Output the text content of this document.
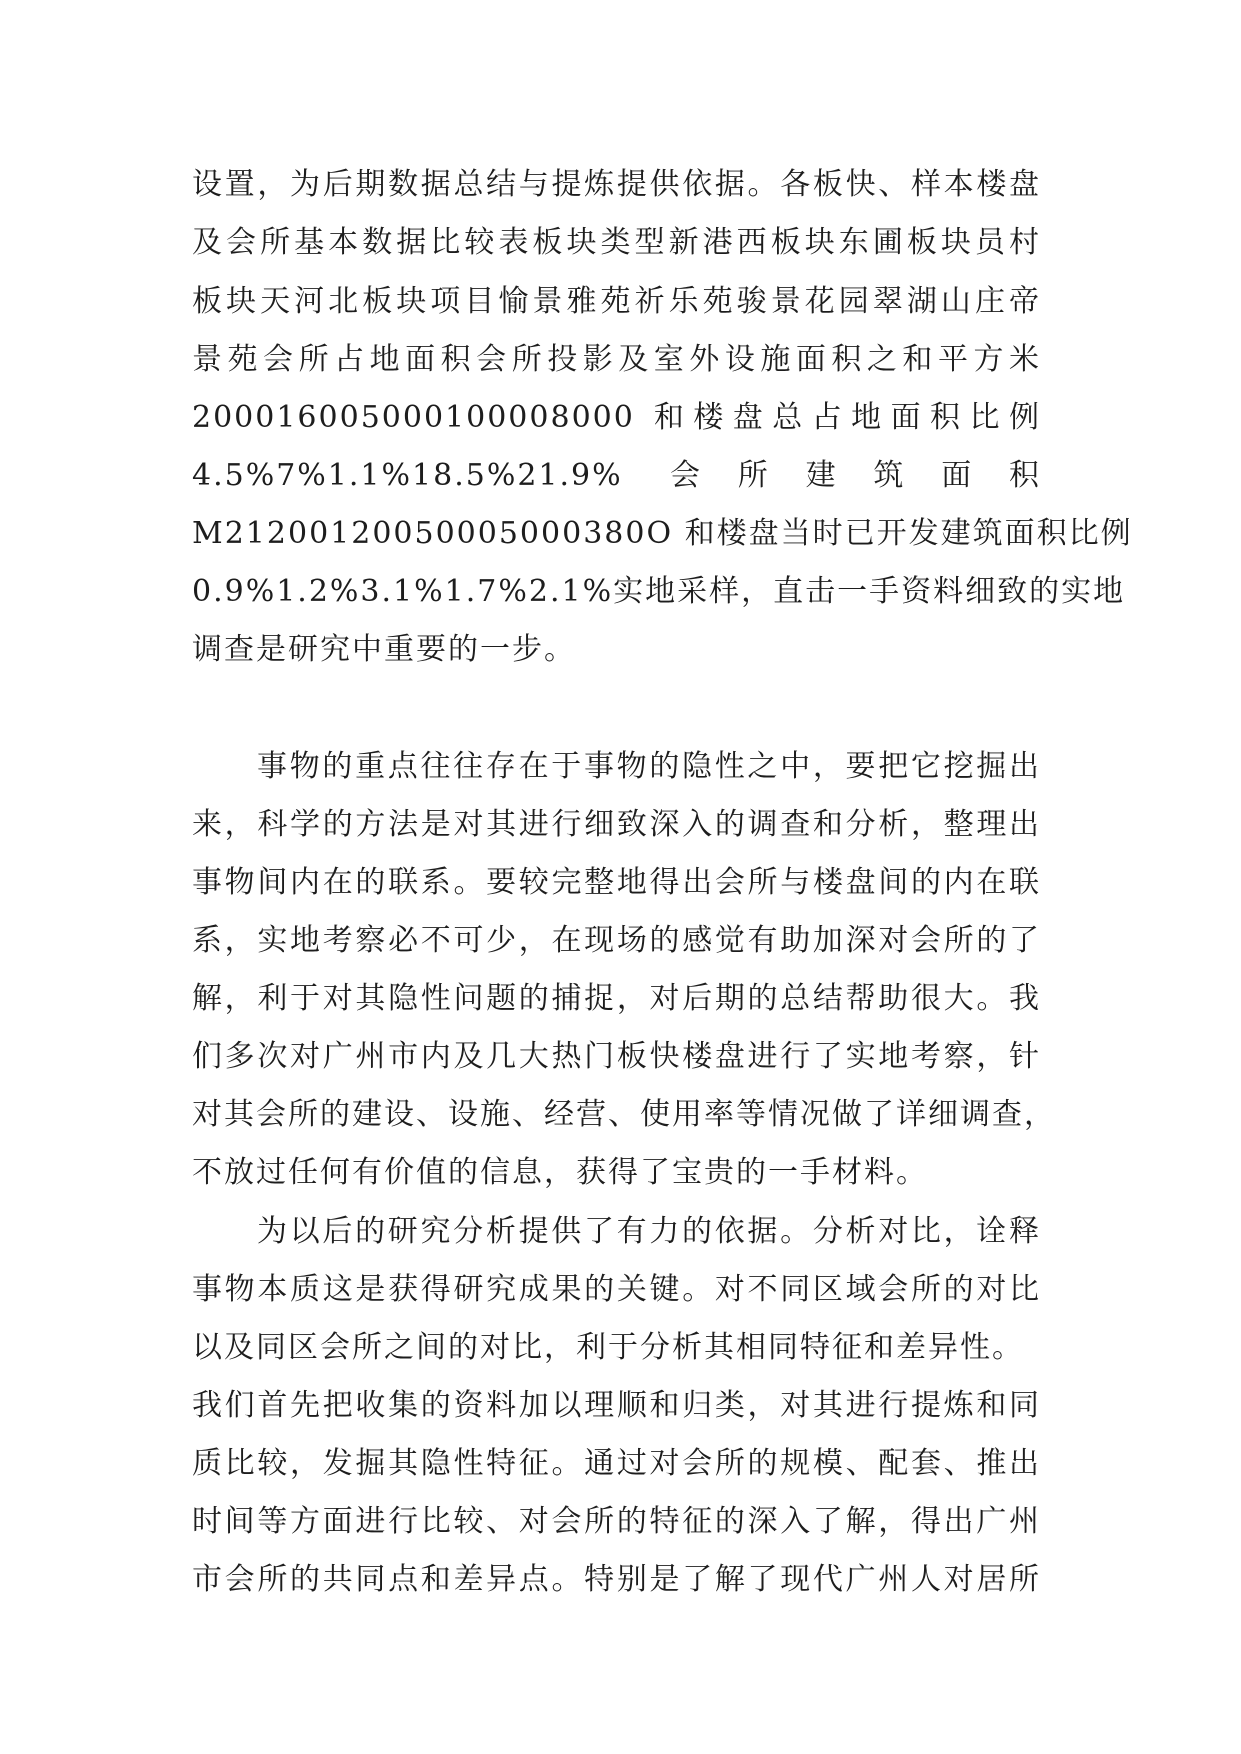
设置，为后期数据总结与提炼提供依据。各板快、样本楼盘
及会所基本数据比较表板块类型新港西板块东圃板块员村
板块天河北板块项目愉景雅苑祈乐苑骏景花园翠湖山庄帝
景苑会所占地面积会所投影及室外设施面积之和平方米
200016005000100008000 和楼盘总占地面积比例
4.5%7%1.1%18.5%21.9% 会所建筑面积
M21200120050005000380O 和楼盘当时已开发建筑面积比例
0.9%1.2%3.1%1.7%2.1%实地采样，直击一手资料细致的实地
调查是研究中重要的一步。
事物的重点往往存在于事物的隐性之中，要把它挖掘出
来，科学的方法是对其进行细致深入的调查和分析，整理出
事物间内在的联系。要较完整地得出会所与楼盘间的内在联
系，实地考察必不可少，在现场的感觉有助加深对会所的了
解，利于对其隐性问题的捕捉，对后期的总结帮助很大。我
们多次对广州市内及几大热门板快楼盘进行了实地考察，针
对其会所的建设、设施、经营、使用率等情况做了详细调查，
不放过任何有价值的信息，获得了宝贵的一手材料。
为以后的研究分析提供了有力的依据。分析对比，诠释
事物本质这是获得研究成果的关键。对不同区域会所的对比
以及同区会所之间的对比，利于分析其相同特征和差异性。
我们首先把收集的资料加以理顺和归类，对其进行提炼和同
质比较，发掘其隐性特征。通过对会所的规模、配套、推出
时间等方面进行比较、对会所的特征的深入了解，得出广州
市会所的共同点和差异点。特别是了解了现代广州人对居所
